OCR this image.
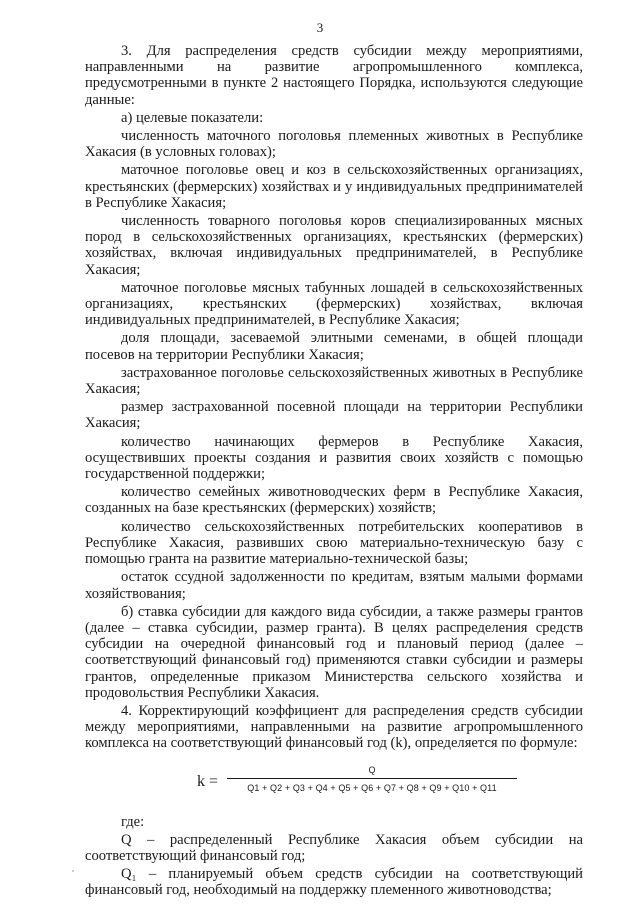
3

3. Для распределения средств субсидии между мероприятиями, направленными на развитие агропромышленного комплекса, предусмотренными в пункте 2 настоящего Порядка, используются следующие данные:

а) целевые показатели:

численность маточного поголовья племенных животных в Республике Хакасия (в условных головах);

маточное поголовье овец и коз в сельскохозяйственных организациях, крестьянских (фермерских) хозяйствах и у индивидуальных предпринимателей в Республике Хакасия;

численность товарного поголовья коров специализированных мясных пород в сельскохозяйственных организациях, крестьянских (фермерских) хозяйствах, включая индивидуальных предпринимателей, в Республике Хакасия;

маточное поголовье мясных табунных лошадей в сельскохозяйственных организациях, крестьянских (фермерских) хозяйствах, включая индивидуальных предпринимателей, в Республике Хакасия;

доля площади, засеваемой элитными семенами, в общей площади посевов на территории Республики Хакасия;

застрахованное поголовье сельскохозяйственных животных в Республике Хакасия;

размер застрахованной посевной площади на территории Республики Хакасия;

количество начинающих фермеров в Республике Хакасия, осуществивших проекты создания и развития своих хозяйств с помощью государственной поддержки;

количество семейных животноводческих ферм в Республике Хакасия, созданных на базе крестьянских (фермерских) хозяйств;

количество сельскохозяйственных потребительских кооперативов в Республике Хакасия, развивших свою материально-техническую базу с помощью гранта на развитие материально-технической базы;

остаток ссудной задолженности по кредитам, взятым малыми формами хозяйствования;

б) ставка субсидии для каждого вида субсидии, а также размеры грантов (далее – ставка субсидии, размер гранта). В целях распределения средств субсидии на очередной финансовый год и плановый период (далее – соответствующий финансовый год) применяются ставки субсидии и размеры грантов, определенные приказом Министерства сельского хозяйства и продовольствия Республики Хакасия.

4. Корректирующий коэффициент для распределения средств субсидии между мероприятиями, направленными на развитие агропромышленного комплекса на соответствующий финансовый год (k), определяется по формуле:

k =
Q
Q1 + Q2 + Q3 + Q4 + Q5 + Q6 + Q7 + Q8 + Q9 + Q10 + Q11

где:

Q – распределенный Республике Хакасия объем субсидии на соответствующий финансовый год;

Q₁ – планируемый объем средств субсидии на соответствующий финансовый год, необходимый на поддержку племенного животноводства;
